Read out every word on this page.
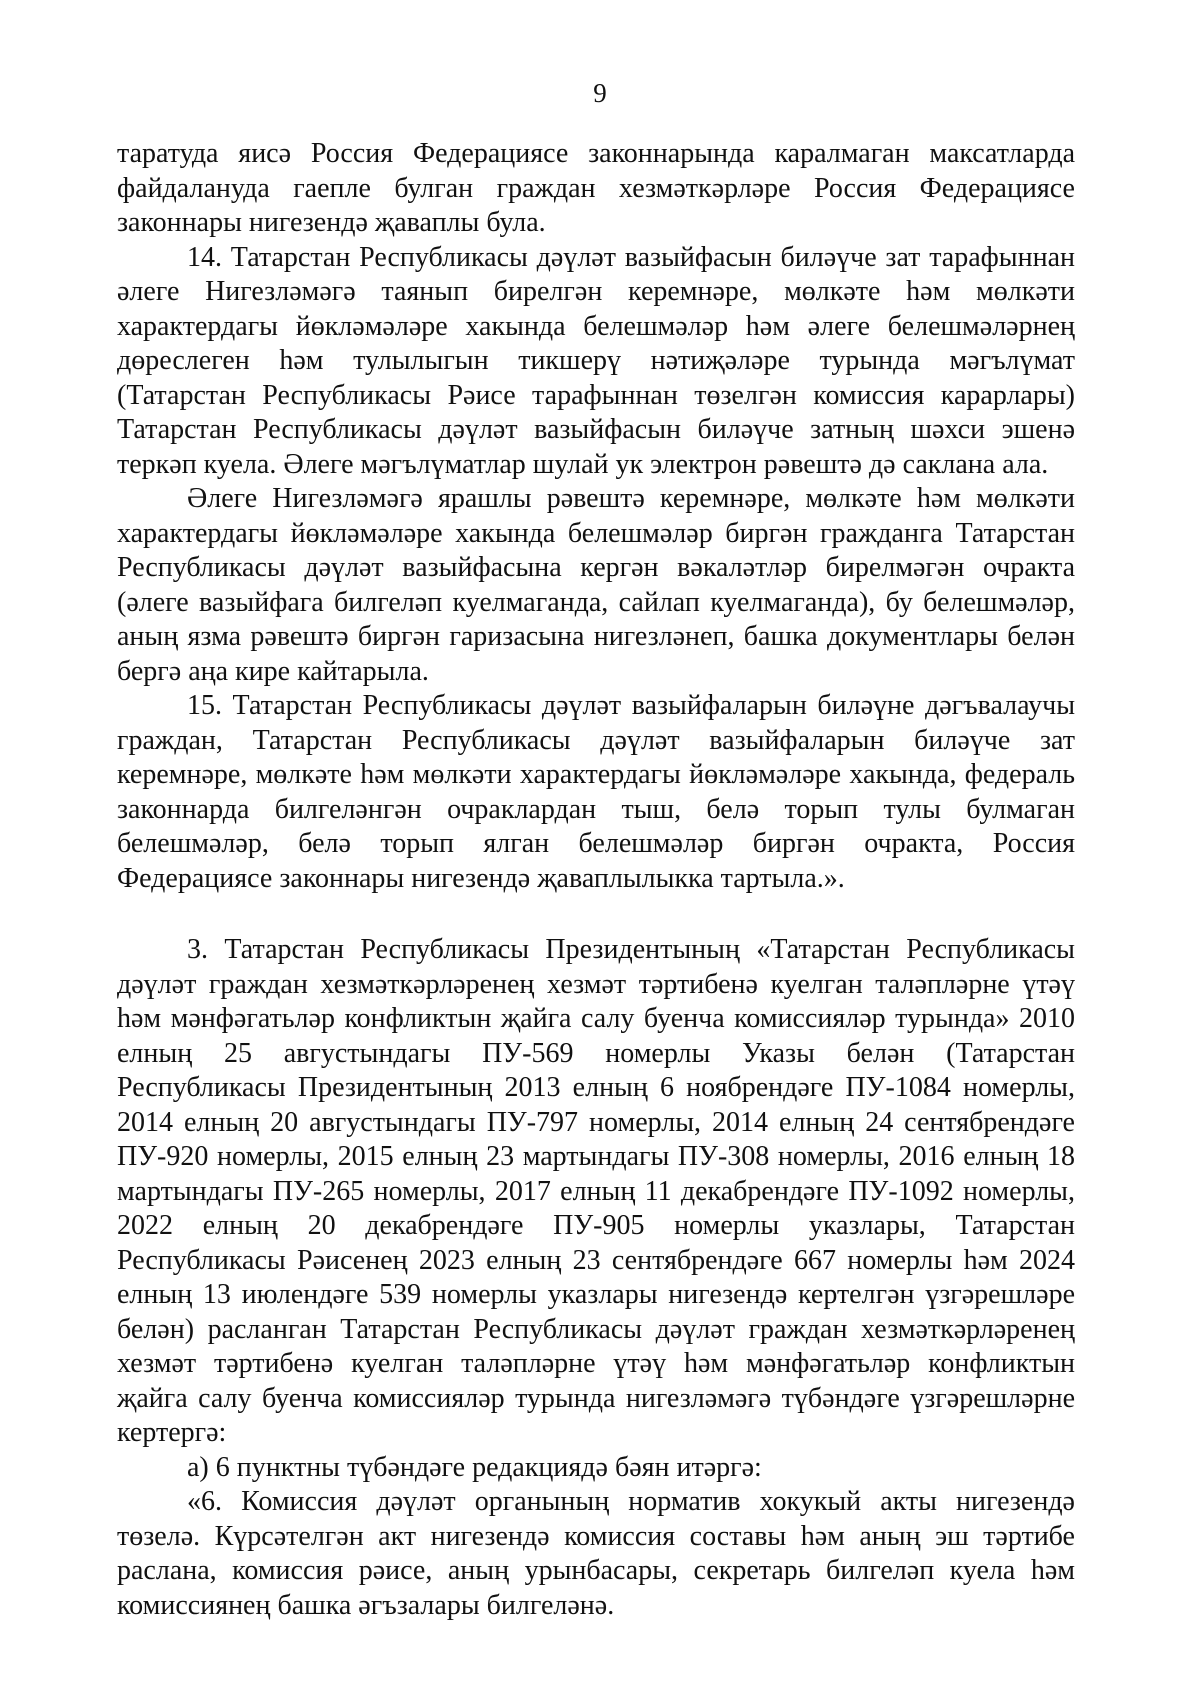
9

таратуда яисә Россия Федерациясе законнарында каралмаган максатларда файдалануда гаепле булган граждан хезмәткәрләре Россия Федерациясе законнары нигезендә җаваплы була.

14. Татарстан Республикасы дәүләт вазыйфасын биләүче зат тарафыннан әлеге Нигезләмәгә таянып бирелгән керемнәре, мөлкәте һәм мөлкәти характердагы йөкләмәләре хакында белешмәләр һәм әлеге белешмәләрнең дөреслеген һәм тулылыгын тикшерү нәтиҗәләре турында мәгълүмат (Татарстан Республикасы Рәисе тарафыннан төзелгән комиссия карарлары) Татарстан Республикасы дәүләт вазыйфасын биләүче затның шәхси эшенә теркәп куела. Әлеге мәгълүматлар шулай ук электрон рәвештә дә саклана ала.

Әлеге Нигезләмәгә ярашлы рәвештә керемнәре, мөлкәте һәм мөлкәти характердагы йөкләмәләре хакында белешмәләр биргән гражданга Татарстан Республикасы дәүләт вазыйфасына кергән вәкаләтләр бирелмәгән очракта (әлеге вазыйфага билгеләп куелмаганда, сайлап куелмаганда), бу белешмәләр, аның язма рәвештә биргән гаризасына нигезләнеп, башка документлары белән бергә аңа кире кайтарыла.

15. Татарстан Республикасы дәүләт вазыйфаларын биләүне дәгъвалаучы граждан, Татарстан Республикасы дәүләт вазыйфаларын биләүче зат керемнәре, мөлкәте һәм мөлкәти характердагы йөкләмәләре хакында, федераль законнарда билгеләнгән очраклардан тыш, белә торып тулы булмаган белешмәләр, белә торып ялган белешмәләр биргән очракта, Россия Федерациясе законнары нигезендә җаваплылыкка тартыла.».

3. Татарстан Республикасы Президентының «Татарстан Республикасы дәүләт граждан хезмәткәрләренең хезмәт тәртибенә куелган таләпләрне үтәү һәм мәнфәгатьләр конфликтын җайга салу буенча комиссияләр турында» 2010 елның 25 августындагы ПУ-569 номерлы Указы белән (Татарстан Республикасы Президентының 2013 елның 6 ноябрендәге ПУ-1084 номерлы, 2014 елның 20 августындагы ПУ-797 номерлы, 2014 елның 24 сентябрендәге ПУ-920 номерлы, 2015 елның 23 мартындагы ПУ-308 номерлы, 2016 елның 18 мартындагы ПУ-265 номерлы, 2017 елның 11 декабрендәге ПУ-1092 номерлы, 2022 елның 20 декабрендәге ПУ-905 номерлы указлары, Татарстан Республикасы Рәисенең 2023 елның 23 сентябрендәге 667 номерлы һәм 2024 елның 13 июлендәге 539 номерлы указлары нигезендә кертелгән үзгәрешләре белән) расланган Татарстан Республикасы дәүләт граждан хезмәткәрләренең хезмәт тәртибенә куелган таләпләрне үтәү һәм мәнфәгатьләр конфликтын җайга салу буенча комиссияләр турында нигезләмәгә түбәндәге үзгәрешләрне кертергә:

а) 6 пунктны түбәндәге редакциядә бәян итәргә:

«6. Комиссия дәүләт органының норматив хокукый акты нигезендә төзелә. Күрсәтелгән акт нигезендә комиссия составы һәм аның эш тәртибе раслана, комиссия рәисе, аның урынбасары, секретарь билгеләп куела һәм комиссиянең башка әгъзалары билгеләнә.
